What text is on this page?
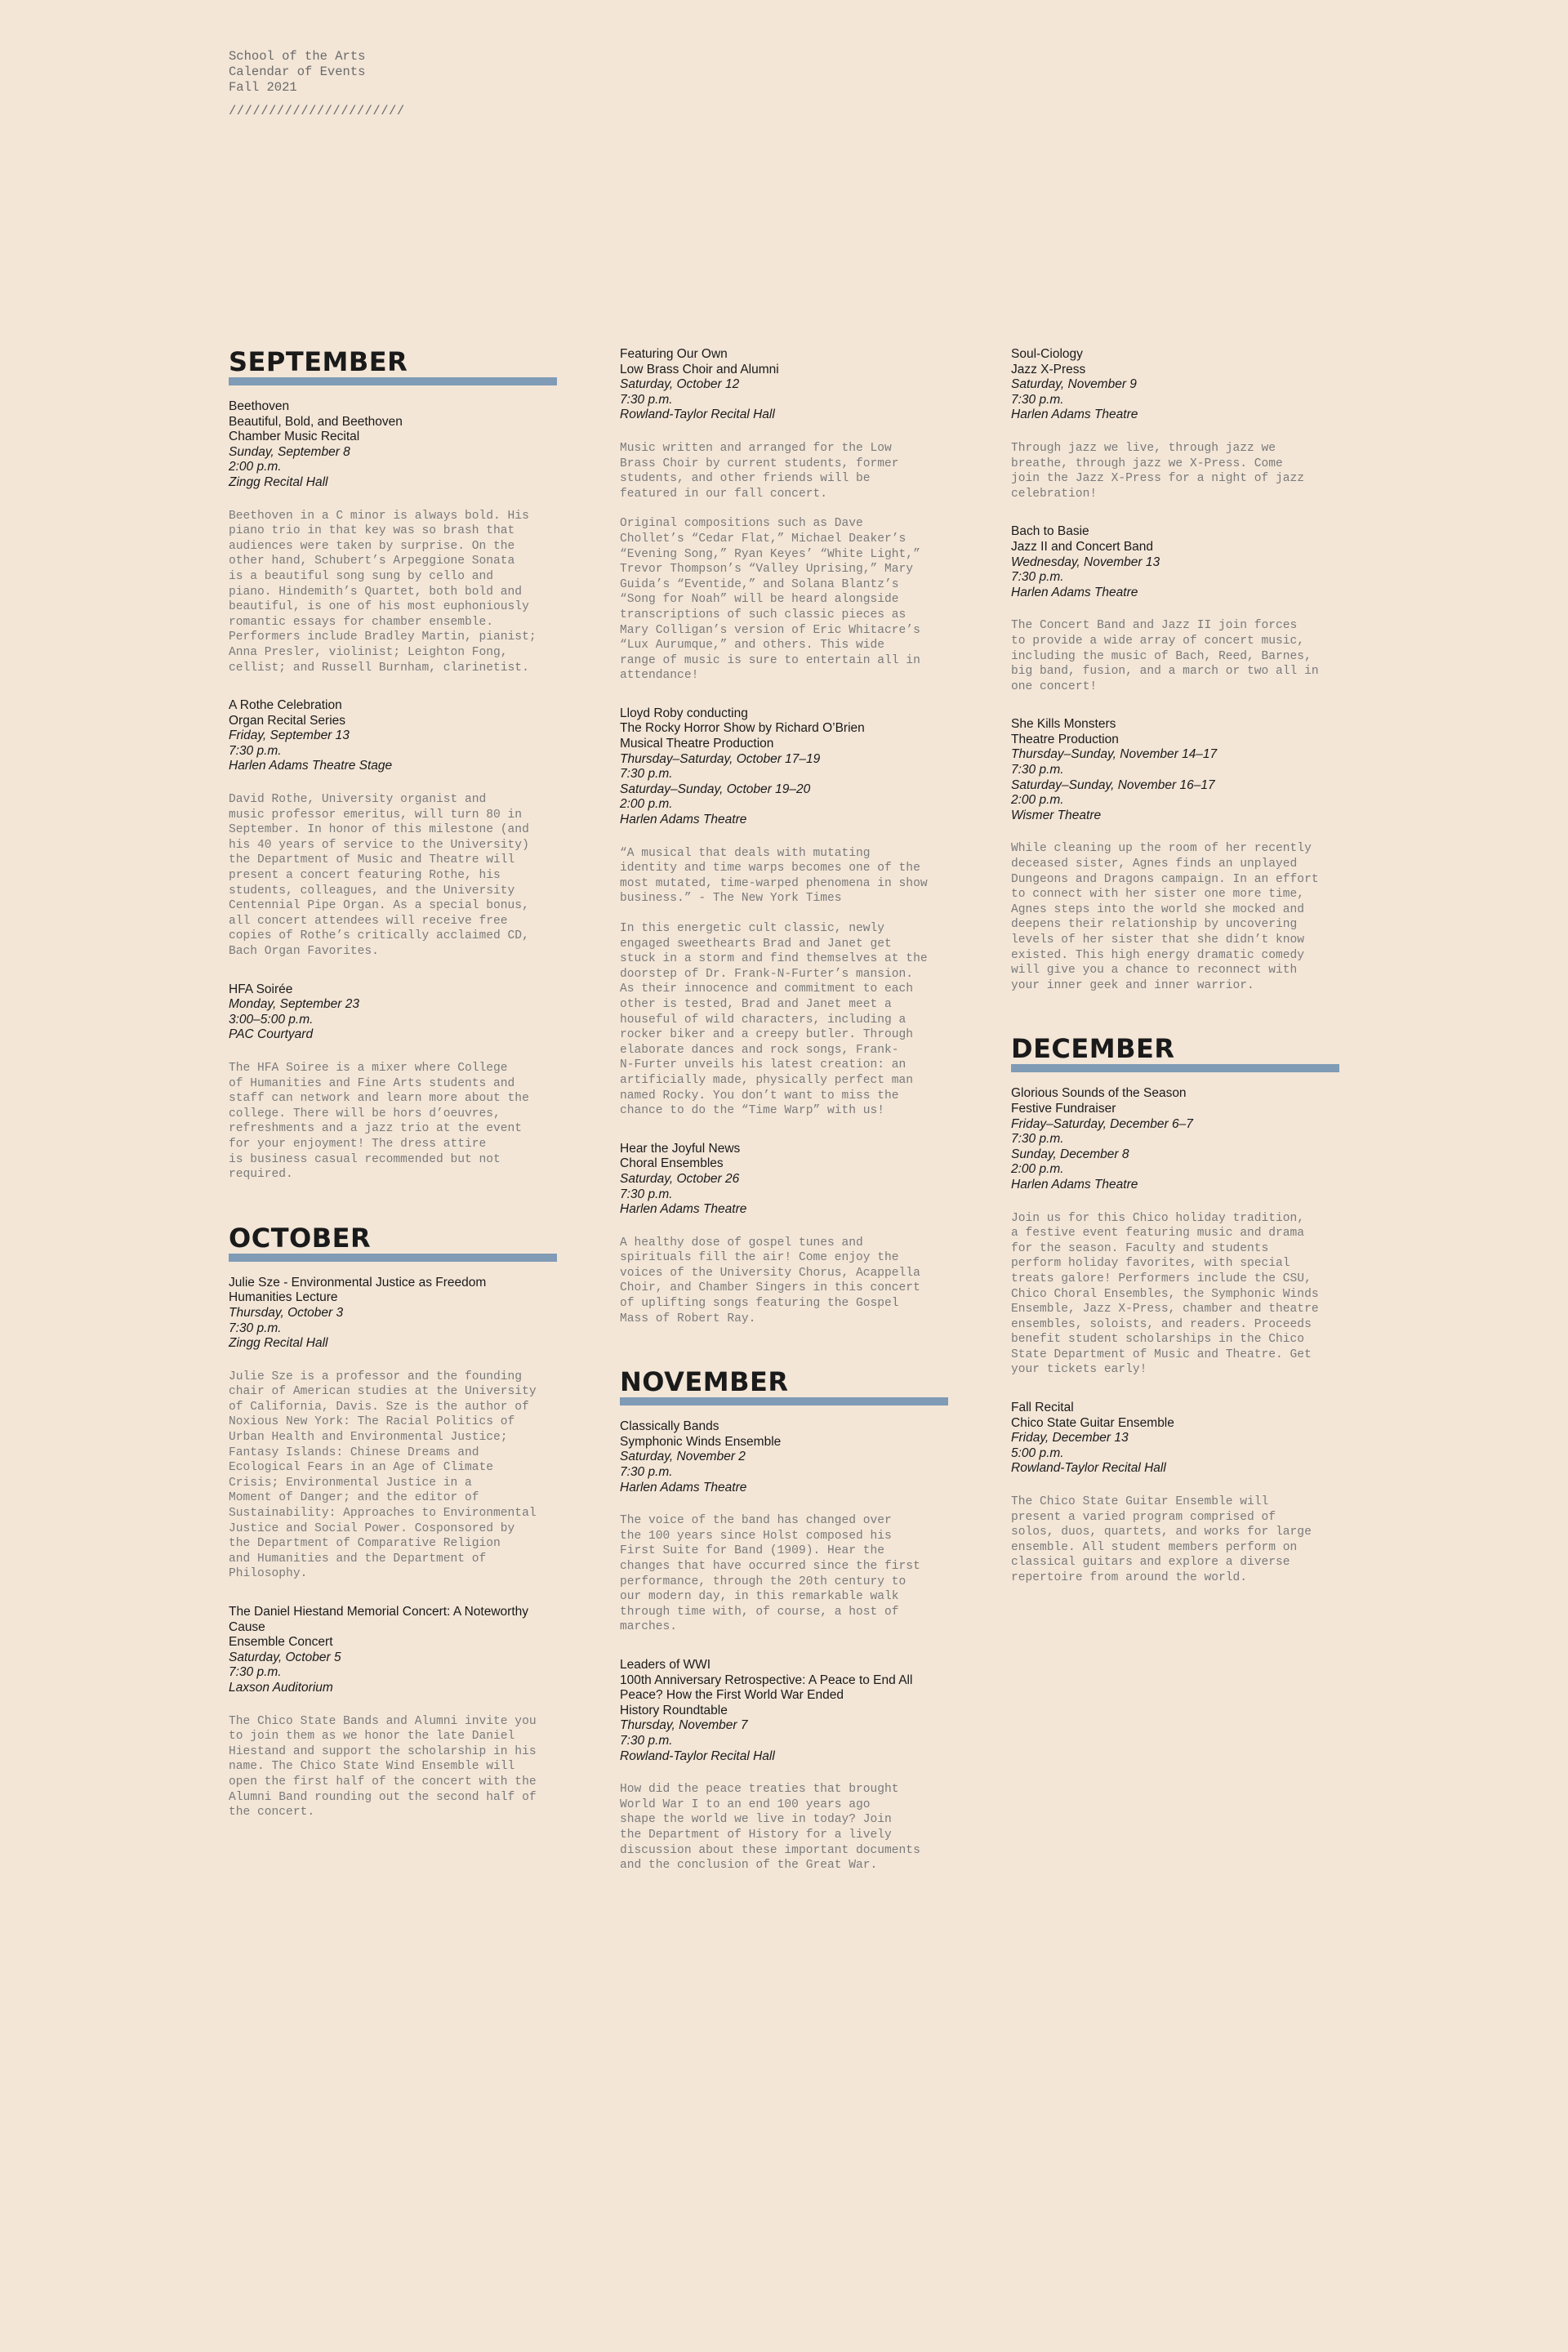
School of the Arts
Calendar of Events
Fall 2021
//////////////////////
SEPTEMBER
Beethoven
Beautiful, Bold, and Beethoven
Chamber Music Recital
Sunday, September 8
2:00 p.m.
Zingg Recital Hall

Beethoven in a C minor is always bold. His
piano trio in that key was so brash that
audiences were taken by surprise. On the
other hand, Schubert’s Arpeggione Sonata
is a beautiful song sung by cello and
piano. Hindemith’s Quartet, both bold and
beautiful, is one of his most euphoniously
romantic essays for chamber ensemble.
Performers include Bradley Martin, pianist;
Anna Presler, violinist; Leighton Fong,
cellist; and Russell Burnham, clarinetist.

A Rothe Celebration
Organ Recital Series
Friday, September 13
7:30 p.m.
Harlen Adams Theatre Stage

David Rothe, University organist and
music professor emeritus, will turn 80 in
September. In honor of this milestone (and
his 40 years of service to the University)
the Department of Music and Theatre will
present a concert featuring Rothe, his
students, colleagues, and the University
Centennial Pipe Organ. As a special bonus,
all concert attendees will receive free
copies of Rothe’s critically acclaimed CD,
Bach Organ Favorites.

HFA Soirée
Monday, September 23
3:00–5:00 p.m.
PAC Courtyard

The HFA Soiree is a mixer where College
of Humanities and Fine Arts students and
staff can network and learn more about the
college. There will be hors d’oeuvres,
refreshments and a jazz trio at the event
for your enjoyment! The dress attire
is business casual recommended but not
required.

OCTOBER
Julie Sze - Environmental Justice as Freedom
Humanities Lecture
Thursday, October 3
7:30 p.m.
Zingg Recital Hall

Julie Sze is a professor and the founding
chair of American studies at the University
of California, Davis. Sze is the author of
Noxious New York: The Racial Politics of
Urban Health and Environmental Justice;
Fantasy Islands: Chinese Dreams and
Ecological Fears in an Age of Climate
Crisis; Environmental Justice in a
Moment of Danger; and the editor of
Sustainability: Approaches to Environmental
Justice and Social Power. Cosponsored by
the Department of Comparative Religion
and Humanities and the Department of
Philosophy.

The Daniel Hiestand Memorial Concert: A Noteworthy
Cause
Ensemble Concert
Saturday, October 5
7:30 p.m.
Laxson Auditorium

The Chico State Bands and Alumni invite you
to join them as we honor the late Daniel
Hiestand and support the scholarship in his
name. The Chico State Wind Ensemble will
open the first half of the concert with the
Alumni Band rounding out the second half of
the concert.

Featuring Our Own
Low Brass Choir and Alumni
Saturday, October 12
7:30 p.m.
Rowland-Taylor Recital Hall

Music written and arranged for the Low
Brass Choir by current students, former
students, and other friends will be
featured in our fall concert.

Original compositions such as Dave
Chollet’s “Cedar Flat,” Michael Deaker’s
“Evening Song,” Ryan Keyes’ “White Light,”
Trevor Thompson’s “Valley Uprising,” Mary
Guida’s “Eventide,” and Solana Blantz’s
“Song for Noah” will be heard alongside
transcriptions of such classic pieces as
Mary Colligan’s version of Eric Whitacre’s
“Lux Aurumque,” and others. This wide
range of music is sure to entertain all in
attendance!

Lloyd Roby conducting
The Rocky Horror Show by Richard O’Brien
Musical Theatre Production
Thursday–Saturday, October 17–19
7:30 p.m.
Saturday–Sunday, October 19–20
2:00 p.m.
Harlen Adams Theatre

“A musical that deals with mutating
identity and time warps becomes one of the
most mutated, time-warped phenomena in show
business.” - The New York Times

In this energetic cult classic, newly
engaged sweethearts Brad and Janet get
stuck in a storm and find themselves at the
doorstep of Dr. Frank-N-Furter’s mansion.
As their innocence and commitment to each
other is tested, Brad and Janet meet a
houseful of wild characters, including a
rocker biker and a creepy butler. Through
elaborate dances and rock songs, Frank-
N-Furter unveils his latest creation: an
artificially made, physically perfect man
named Rocky. You don’t want to miss the
chance to do the “Time Warp” with us!

Hear the Joyful News
Choral Ensembles
Saturday, October 26
7:30 p.m.
Harlen Adams Theatre

A healthy dose of gospel tunes and
spirituals fill the air! Come enjoy the
voices of the University Chorus, Acappella
Choir, and Chamber Singers in this concert
of uplifting songs featuring the Gospel
Mass of Robert Ray.

NOVEMBER
Classically Bands
Symphonic Winds Ensemble
Saturday, November 2
7:30 p.m.
Harlen Adams Theatre

The voice of the band has changed over
the 100 years since Holst composed his
First Suite for Band (1909). Hear the
changes that have occurred since the first
performance, through the 20th century to
our modern day, in this remarkable walk
through time with, of course, a host of
marches.

Leaders of WWI
100th Anniversary Retrospective: A Peace to End All
Peace? How the First World War Ended
History Roundtable
Thursday, November 7
7:30 p.m.
Rowland-Taylor Recital Hall

How did the peace treaties that brought
World War I to an end 100 years ago
shape the world we live in today? Join
the Department of History for a lively
discussion about these important documents
and the conclusion of the Great War.

Soul-Ciology
Jazz X-Press
Saturday, November 9
7:30 p.m.
Harlen Adams Theatre

Through jazz we live, through jazz we
breathe, through jazz we X-Press. Come
join the Jazz X-Press for a night of jazz
celebration!

Bach to Basie
Jazz II and Concert Band
Wednesday, November 13
7:30 p.m.
Harlen Adams Theatre

The Concert Band and Jazz II join forces
to provide a wide array of concert music,
including the music of Bach, Reed, Barnes,
big band, fusion, and a march or two all in
one concert!

She Kills Monsters
Theatre Production
Thursday–Sunday, November 14–17
7:30 p.m.
Saturday–Sunday, November 16–17
2:00 p.m.
Wismer Theatre

While cleaning up the room of her recently
deceased sister, Agnes finds an unplayed
Dungeons and Dragons campaign. In an effort
to connect with her sister one more time,
Agnes steps into the world she mocked and
deepens their relationship by uncovering
levels of her sister that she didn’t know
existed. This high energy dramatic comedy
will give you a chance to reconnect with
your inner geek and inner warrior.

DECEMBER
Glorious Sounds of the Season
Festive Fundraiser
Friday–Saturday, December 6–7
7:30 p.m.
Sunday, December 8
2:00 p.m.
Harlen Adams Theatre

Join us for this Chico holiday tradition,
a festive event featuring music and drama
for the season. Faculty and students
perform holiday favorites, with special
treats galore! Performers include the CSU,
Chico Choral Ensembles, the Symphonic Winds
Ensemble, Jazz X-Press, chamber and theatre
ensembles, soloists, and readers. Proceeds
benefit student scholarships in the Chico
State Department of Music and Theatre. Get
your tickets early!

Fall Recital
Chico State Guitar Ensemble
Friday, December 13
5:00 p.m.
Rowland-Taylor Recital Hall

The Chico State Guitar Ensemble will
present a varied program comprised of
solos, duos, quartets, and works for large
ensemble. All student members perform on
classical guitars and explore a diverse
repertoire from around the world.
